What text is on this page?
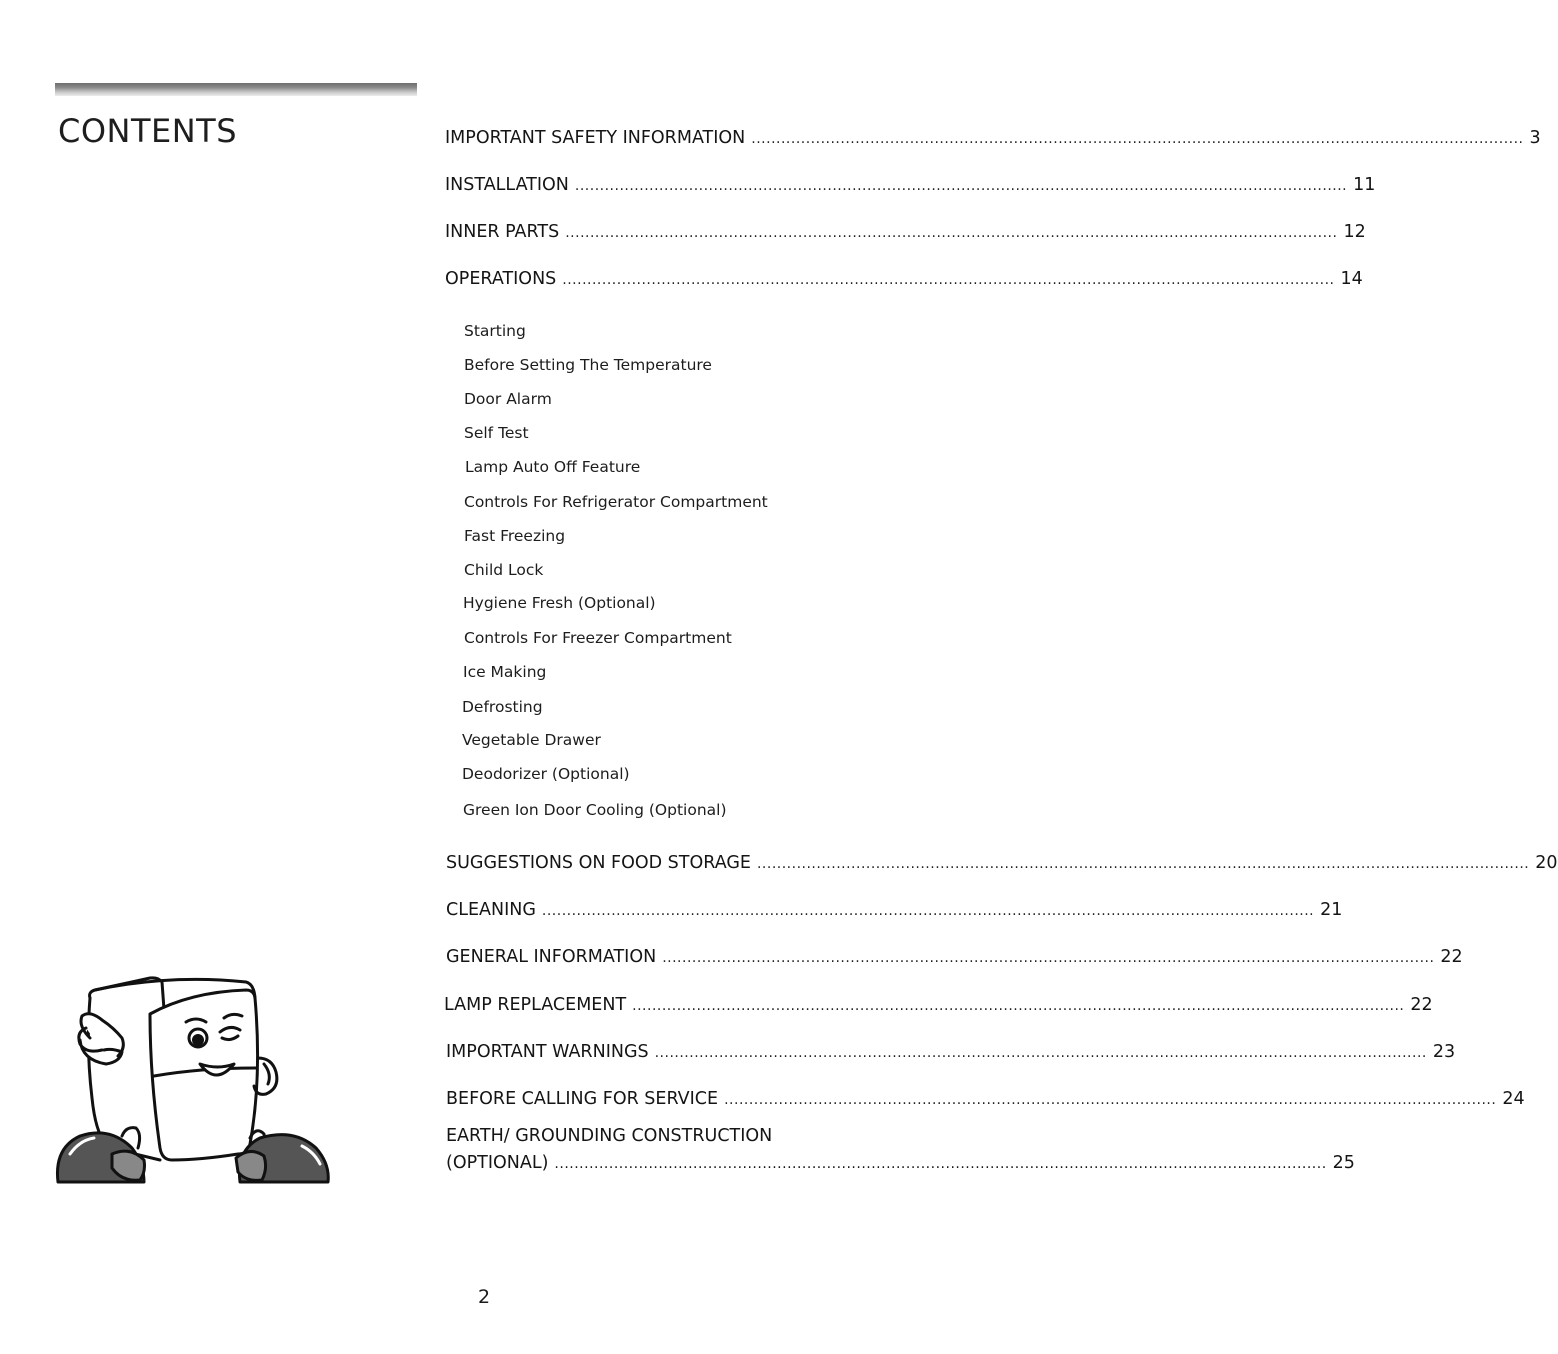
CONTENTS	IMPORTANT SAFETY INFORMATION ............................................................................................................................................................ 3
INSTALLATION ............................................................................................................................................................ 11
INNER PARTS ............................................................................................................................................................ 12
OPERATIONS ............................................................................................................................................................ 14
Starting
Before Setting The Temperature
Door Alarm
Self Test
Lamp Auto Off Feature
Controls For Refrigerator Compartment
Fast Freezing
Child Lock
Hygiene Fresh (Optional)
Controls For Freezer Compartment
Ice Making
Defrosting
Vegetable Drawer
Deodorizer (Optional)
Green Ion Door Cooling (Optional)
SUGGESTIONS ON FOOD STORAGE ............................................................................................................................................................ 20
CLEANING ............................................................................................................................................................ 21
GENERAL INFORMATION ............................................................................................................................................................ 22
LAMP REPLACEMENT ............................................................................................................................................................ 22
IMPORTANT WARNINGS ............................................................................................................................................................ 23
BEFORE CALLING FOR SERVICE ............................................................................................................................................................ 24
EARTH/ GROUNDING CONSTRUCTION
(OPTIONAL) ............................................................................................................................................................ 25
2
